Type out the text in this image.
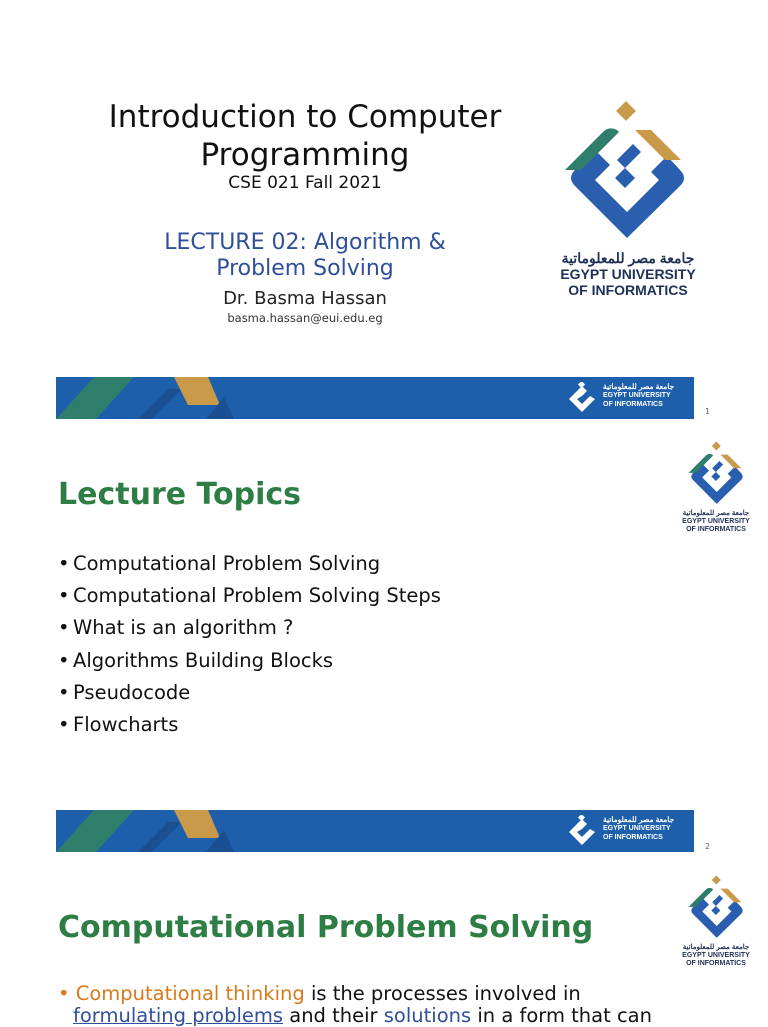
Introduction to Computer
Programming
CSE 021 Fall 2021
LECTURE 02: Algorithm &
Problem Solving
Dr. Basma Hassan
basma.hassan@eui.edu.eg
جامعة مصر للمعلوماتية
EGYPT UNIVERSITY
OF INFORMATICS
جامعة مصر للمعلوماتية
EGYPT UNIVERSITY
OF INFORMATICS
1
Lecture Topics
جامعة مصر للمعلوماتية
EGYPT UNIVERSITY
OF INFORMATICS
• Computational Problem Solving
• Computational Problem Solving Steps
• What is an algorithm ?
• Algorithms Building Blocks
• Pseudocode
• Flowcharts
جامعة مصر للمعلوماتية
EGYPT UNIVERSITY
OF INFORMATICS
2
Computational Problem Solving
جامعة مصر للمعلوماتية
EGYPT UNIVERSITY
OF INFORMATICS
• Computational thinking is the processes involved in
formulating problems and their solutions in a form that can
